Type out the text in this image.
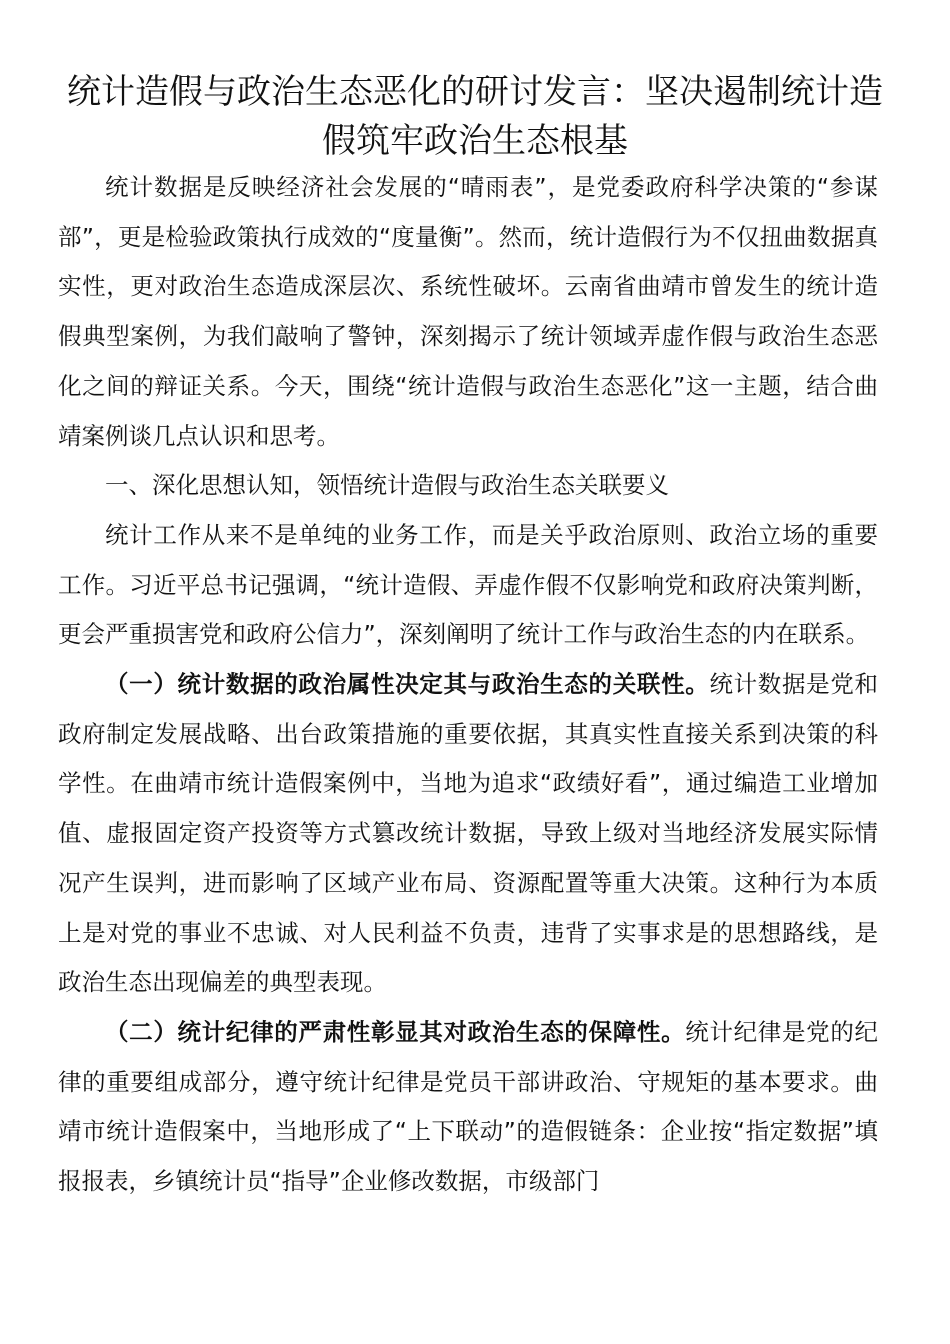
统计造假与政治生态恶化的研讨发言：坚决遏制统计造假筑牢政治生态根基

统计数据是反映经济社会发展的“晴雨表”，是党委政府科学决策的“参谋部”，更是检验政策执行成效的“度量衡”。然而，统计造假行为不仅扭曲数据真实性，更对政治生态造成深层次、系统性破坏。云南省曲靖市曾发生的统计造假典型案例，为我们敲响了警钟，深刻揭示了统计领域弄虚作假与政治生态恶化之间的辩证关系。今天，围绕“统计造假与政治生态恶化”这一主题，结合曲靖案例谈几点认识和思考。

一、深化思想认知，领悟统计造假与政治生态关联要义

统计工作从来不是单纯的业务工作，而是关乎政治原则、政治立场的重要工作。习近平总书记强调，“统计造假、弄虚作假不仅影响党和政府决策判断，更会严重损害党和政府公信力”，深刻阐明了统计工作与政治生态的内在联系。

（一）统计数据的政治属性决定其与政治生态的关联性。统计数据是党和政府制定发展战略、出台政策措施的重要依据，其真实性直接关系到决策的科学性。在曲靖市统计造假案例中，当地为追求“政绩好看”，通过编造工业增加值、虚报固定资产投资等方式篡改统计数据，导致上级对当地经济发展实际情况产生误判，进而影响了区域产业布局、资源配置等重大决策。这种行为本质上是对党的事业不忠诚、对人民利益不负责，违背了实事求是的思想路线，是政治生态出现偏差的典型表现。

（二）统计纪律的严肃性彰显其对政治生态的保障性。统计纪律是党的纪律的重要组成部分，遵守统计纪律是党员干部讲政治、守规矩的基本要求。曲靖市统计造假案中，当地形成了“上下联动”的造假链条：企业按“指定数据”填报报表，乡镇统计员“指导”企业修改数据，市级部门
